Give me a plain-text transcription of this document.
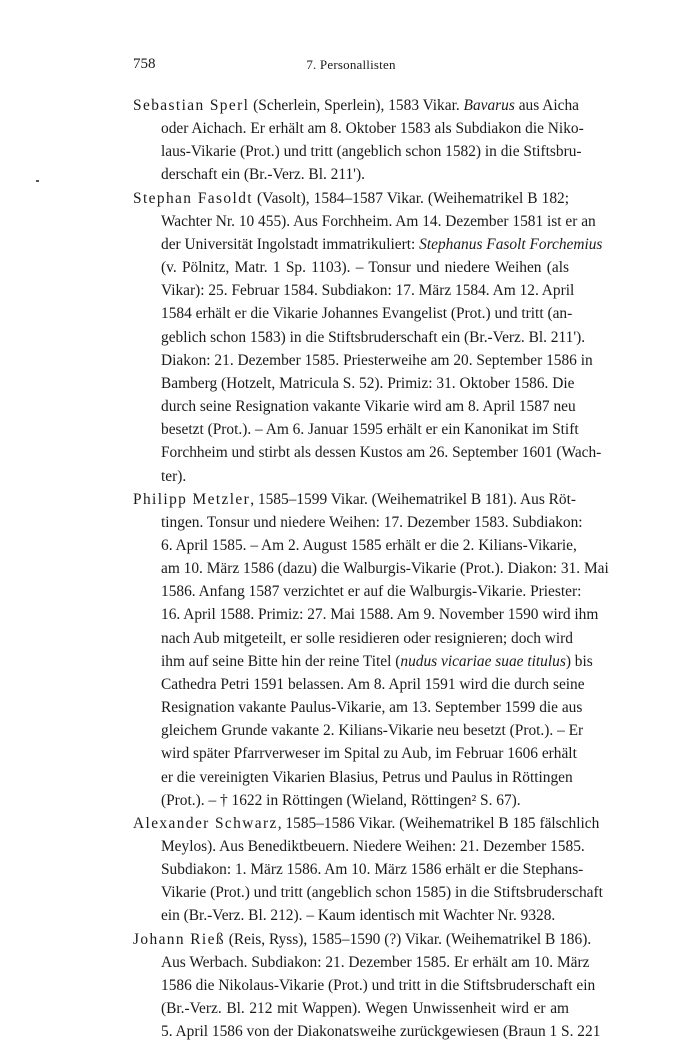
758	7. Personallisten
Sebastian Sperl (Scherlein, Sperlein), 1583 Vikar. Bavarus aus Aicha
oder Aichach. Er erhält am 8. Oktober 1583 als Subdiakon die Niko-
laus-Vikarie (Prot.) und tritt (angeblich schon 1582) in die Stiftsbru-
derschaft ein (Br.-Verz. Bl. 211').
Stephan Fasoldt (Vasolt), 1584–1587 Vikar. (Weihematrikel B 182;
Wachter Nr. 10 455). Aus Forchheim. Am 14. Dezember 1581 ist er an
der Universität Ingolstadt immatrikuliert: Stephanus Fasolt Forchemius
(v. Pölnitz, Matr. 1 Sp. 1103). – Tonsur und niedere Weihen (als
Vikar): 25. Februar 1584. Subdiakon: 17. März 1584. Am 12. April
1584 erhält er die Vikarie Johannes Evangelist (Prot.) und tritt (an-
geblich schon 1583) in die Stiftsbruderschaft ein (Br.-Verz. Bl. 211').
Diakon: 21. Dezember 1585. Priesterweihe am 20. September 1586 in
Bamberg (Hotzelt, Matricula S. 52). Primiz: 31. Oktober 1586. Die
durch seine Resignation vakante Vikarie wird am 8. April 1587 neu
besetzt (Prot.). – Am 6. Januar 1595 erhält er ein Kanonikat im Stift
Forchheim und stirbt als dessen Kustos am 26. September 1601 (Wach-
ter).
Philipp Metzler, 1585–1599 Vikar. (Weihematrikel B 181). Aus Röt-
tingen. Tonsur und niedere Weihen: 17. Dezember 1583. Subdiakon:
6. April 1585. – Am 2. August 1585 erhält er die 2. Kilians-Vikarie,
am 10. März 1586 (dazu) die Walburgis-Vikarie (Prot.). Diakon: 31. Mai
1586. Anfang 1587 verzichtet er auf die Walburgis-Vikarie. Priester:
16. April 1588. Primiz: 27. Mai 1588. Am 9. November 1590 wird ihm
nach Aub mitgeteilt, er solle residieren oder resignieren; doch wird
ihm auf seine Bitte hin der reine Titel (nudus vicariae suae titulus) bis
Cathedra Petri 1591 belassen. Am 8. April 1591 wird die durch seine
Resignation vakante Paulus-Vikarie, am 13. September 1599 die aus
gleichem Grunde vakante 2. Kilians-Vikarie neu besetzt (Prot.). – Er
wird später Pfarrverweser im Spital zu Aub, im Februar 1606 erhält
er die vereinigten Vikarien Blasius, Petrus und Paulus in Röttingen
(Prot.). – † 1622 in Röttingen (Wieland, Röttingen² S. 67).
Alexander Schwarz, 1585–1586 Vikar. (Weihematrikel B 185 fälschlich
Meylos). Aus Benediktbeuern. Niedere Weihen: 21. Dezember 1585.
Subdiakon: 1. März 1586. Am 10. März 1586 erhält er die Stephans-
Vikarie (Prot.) und tritt (angeblich schon 1585) in die Stiftsbruderschaft
ein (Br.-Verz. Bl. 212). – Kaum identisch mit Wachter Nr. 9328.
Johann Rieß (Reis, Ryss), 1585–1590 (?) Vikar. (Weihematrikel B 186).
Aus Werbach. Subdiakon: 21. Dezember 1585. Er erhält am 10. März
1586 die Nikolaus-Vikarie (Prot.) und tritt in die Stiftsbruderschaft ein
(Br.-Verz. Bl. 212 mit Wappen). Wegen Unwissenheit wird er am
5. April 1586 von der Diakonatsweihe zurückgewiesen (Braun 1 S. 221
